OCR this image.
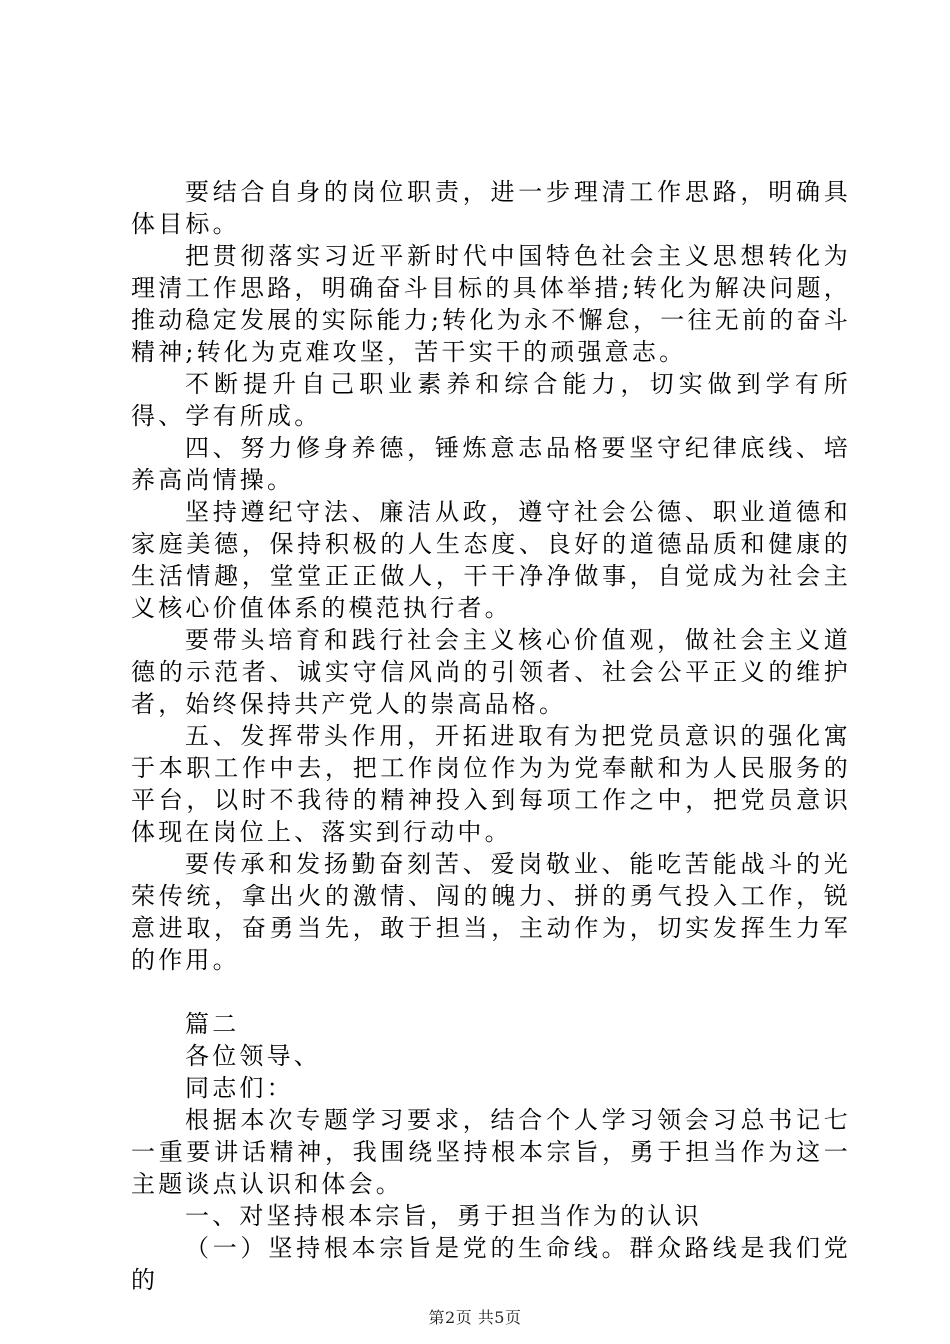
要结合自身的岗位职责，进一步理清工作思路，明确具体目标。

把贯彻落实习近平新时代中国特色社会主义思想转化为理清工作思路，明确奋斗目标的具体举措;转化为解决问题，推动稳定发展的实际能力;转化为永不懈怠，一往无前的奋斗精神;转化为克难攻坚，苦干实干的顽强意志。

不断提升自己职业素养和综合能力，切实做到学有所得、学有所成。

四、努力修身养德，锤炼意志品格要坚守纪律底线、培养高尚情操。

坚持遵纪守法、廉洁从政，遵守社会公德、职业道德和家庭美德，保持积极的人生态度、良好的道德品质和健康的生活情趣，堂堂正正做人，干干净净做事，自觉成为社会主义核心价值体系的模范执行者。

要带头培育和践行社会主义核心价值观，做社会主义道德的示范者、诚实守信风尚的引领者、社会公平正义的维护者，始终保持共产党人的崇高品格。

五、发挥带头作用，开拓进取有为把党员意识的强化寓于本职工作中去，把工作岗位作为为党奉献和为人民服务的平台，以时不我待的精神投入到每项工作之中，把党员意识体现在岗位上、落实到行动中。

要传承和发扬勤奋刻苦、爱岗敬业、能吃苦能战斗的光荣传统，拿出火的激情、闯的魄力、拼的勇气投入工作，锐意进取，奋勇当先，敢于担当，主动作为，切实发挥生力军的作用。

篇二

各位领导、

同志们：

根据本次专题学习要求，结合个人学习领会习总书记七一重要讲话精神，我围绕坚持根本宗旨，勇于担当作为这一主题谈点认识和体会。

一、对坚持根本宗旨，勇于担当作为的认识

（一）坚持根本宗旨是党的生命线。群众路线是我们党的

第2页 共5页
